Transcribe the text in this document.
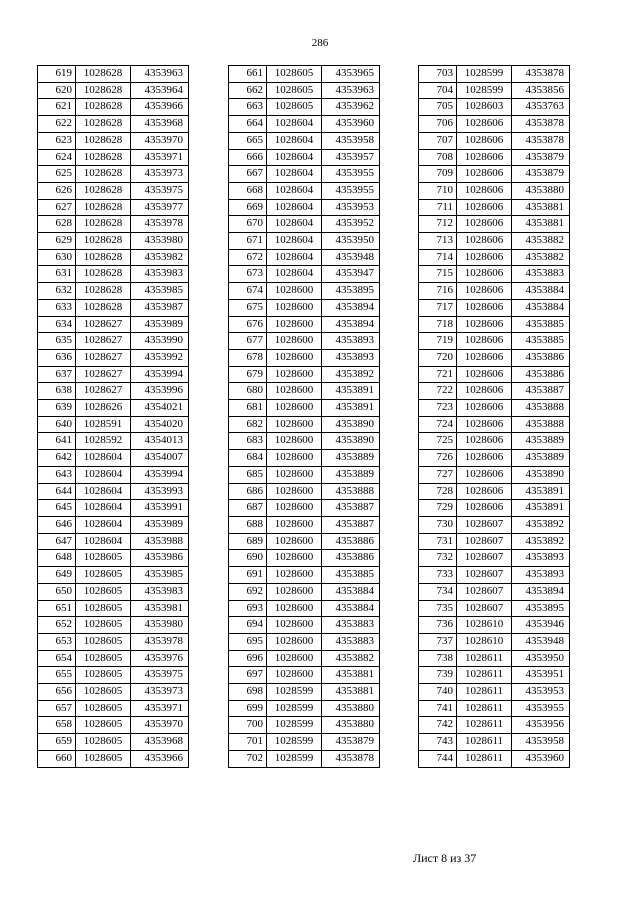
286
619	1028628	4353963
620	1028628	4353964
621	1028628	4353966
622	1028628	4353968
623	1028628	4353970
624	1028628	4353971
625	1028628	4353973
626	1028628	4353975
627	1028628	4353977
628	1028628	4353978
629	1028628	4353980
630	1028628	4353982
631	1028628	4353983
632	1028628	4353985
633	1028628	4353987
634	1028627	4353989
635	1028627	4353990
636	1028627	4353992
637	1028627	4353994
638	1028627	4353996
639	1028626	4354021
640	1028591	4354020
641	1028592	4354013
642	1028604	4354007
643	1028604	4353994
644	1028604	4353993
645	1028604	4353991
646	1028604	4353989
647	1028604	4353988
648	1028605	4353986
649	1028605	4353985
650	1028605	4353983
651	1028605	4353981
652	1028605	4353980
653	1028605	4353978
654	1028605	4353976
655	1028605	4353975
656	1028605	4353973
657	1028605	4353971
658	1028605	4353970
659	1028605	4353968
660	1028605	4353966
661	1028605	4353965
662	1028605	4353963
663	1028605	4353962
664	1028604	4353960
665	1028604	4353958
666	1028604	4353957
667	1028604	4353955
668	1028604	4353955
669	1028604	4353953
670	1028604	4353952
671	1028604	4353950
672	1028604	4353948
673	1028604	4353947
674	1028600	4353895
675	1028600	4353894
676	1028600	4353894
677	1028600	4353893
678	1028600	4353893
679	1028600	4353892
680	1028600	4353891
681	1028600	4353891
682	1028600	4353890
683	1028600	4353890
684	1028600	4353889
685	1028600	4353889
686	1028600	4353888
687	1028600	4353887
688	1028600	4353887
689	1028600	4353886
690	1028600	4353886
691	1028600	4353885
692	1028600	4353884
693	1028600	4353884
694	1028600	4353883
695	1028600	4353883
696	1028600	4353882
697	1028600	4353881
698	1028599	4353881
699	1028599	4353880
700	1028599	4353880
701	1028599	4353879
702	1028599	4353878
703	1028599	4353878
704	1028599	4353856
705	1028603	4353763
706	1028606	4353878
707	1028606	4353878
708	1028606	4353879
709	1028606	4353879
710	1028606	4353880
711	1028606	4353881
712	1028606	4353881
713	1028606	4353882
714	1028606	4353882
715	1028606	4353883
716	1028606	4353884
717	1028606	4353884
718	1028606	4353885
719	1028606	4353885
720	1028606	4353886
721	1028606	4353886
722	1028606	4353887
723	1028606	4353888
724	1028606	4353888
725	1028606	4353889
726	1028606	4353889
727	1028606	4353890
728	1028606	4353891
729	1028606	4353891
730	1028607	4353892
731	1028607	4353892
732	1028607	4353893
733	1028607	4353893
734	1028607	4353894
735	1028607	4353895
736	1028610	4353946
737	1028610	4353948
738	1028611	4353950
739	1028611	4353951
740	1028611	4353953
741	1028611	4353955
742	1028611	4353956
743	1028611	4353958
744	1028611	4353960
Лист 8 из 37
